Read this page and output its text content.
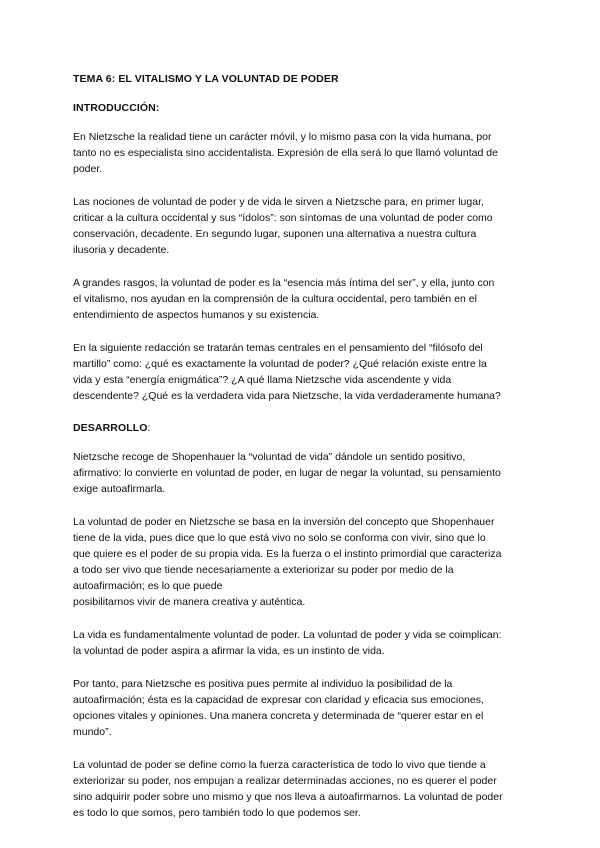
TEMA 6: EL VITALISMO Y LA VOLUNTAD DE PODER
INTRODUCCIÓN:

En Nietzsche la realidad tiene un carácter móvil, y lo mismo pasa con la vida humana, por
tanto no es especialista sino accidentalista. Expresión de ella será lo que llamó voluntad de
poder.

Las nociones de voluntad de poder y de vida le sirven a Nietzsche para, en primer lugar,
criticar a la cultura occidental y sus “ídolos”: son síntomas de una voluntad de poder como
conservación, decadente. En segundo lugar, suponen una alternativa a nuestra cultura
ilusoria y decadente.

A grandes rasgos, la voluntad de poder es la “esencia más íntima del ser”, y ella, junto con
el vitalismo, nos ayudan en la comprensión de la cultura occidental, pero también en el
entendimiento de aspectos humanos y su existencia.

En la siguiente redacción se tratarán temas centrales en el pensamiento del “filósofo del
martillo” como: ¿qué es exactamente la voluntad de poder? ¿Qué relación existe entre la
vida y esta “energía enigmática”? ¿A qué llama Nietzsche vida ascendente y vida
descendente? ¿Qué es la verdadera vida para Nietzsche, la vida verdaderamente humana?

DESARROLLO:

Nietzsche recoge de Shopenhauer la “voluntad de vida” dándole un sentido positivo,
afirmativo: lo convierte en voluntad de poder, en lugar de negar la voluntad, su pensamiento
exige autoafirmarla.

La voluntad de poder en Nietzsche se basa en la inversión del concepto que Shopenhauer
tiene de la vida, pues dice que lo que está vivo no solo se conforma con vivir, sino que lo
que quiere es el poder de su propia vida. Es la fuerza o el instinto primordial que caracteriza
a todo ser vivo que tiende necesariamente a exteriorizar su poder por medio de la
autoafirmación; es lo que puede
posibilitarnos vivir de manera creativa y auténtica.

La vida es fundamentalmente voluntad de poder. La voluntad de poder y vida se coimplican:
la voluntad de poder aspira a afirmar la vida, es un instinto de vida.

Por tanto, para Nietzsche es positiva pues permite al individuo la posibilidad de la
autoafirmación; ésta es la capacidad de expresar con claridad y eficacia sus emociones,
opciones vitales y opiniones. Una manera concreta y determinada de “querer estar en el
mundo”.

La voluntad de poder se define como la fuerza característica de todo lo vivo que tiende a
exteriorizar su poder, nos empujan a realizar determinadas acciones, no es querer el poder
sino adquirir poder sobre uno mismo y que nos lleva a autoafirmarnos. La voluntad de poder
es todo lo que somos, pero también todo lo que podemos ser.
